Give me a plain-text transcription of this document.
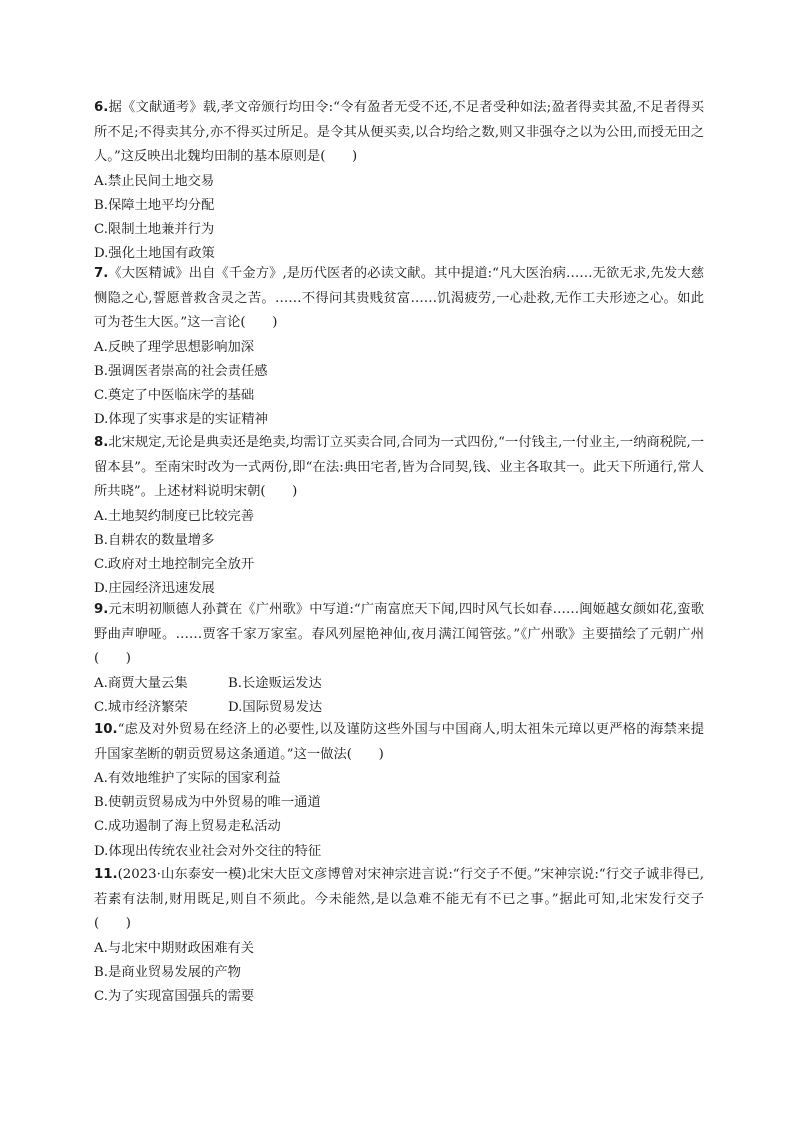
6.据《文献通考》载,孝文帝颁行均田令:“令有盈者无受不还,不足者受种如法;盈者得卖其盈,不足者得买所不足;不得卖其分,亦不得买过所足。是令其从便买卖,以合均给之数,则又非强夺之以为公田,而授无田之人。”这反映出北魏均田制的基本原则是(　　)

A.禁止民间土地交易
B.保障土地平均分配
C.限制土地兼并行为
D.强化土地国有政策

7.《大医精诚》出自《千金方》,是历代医者的必读文献。其中提道:“凡大医治病……无欲无求,先发大慈恻隐之心,誓愿普救含灵之苦。……不得问其贵贱贫富……饥渴疲劳,一心赴救,无作工夫形迹之心。如此可为苍生大医。”这一言论(　　)

A.反映了理学思想影响加深
B.强调医者崇高的社会责任感
C.奠定了中医临床学的基础
D.体现了实事求是的实证精神

8.北宋规定,无论是典卖还是绝卖,均需订立买卖合同,合同为一式四份,“一付钱主,一付业主,一纳商税院,一留本县”。至南宋时改为一式两份,即“在法:典田宅者,皆为合同契,钱、业主各取其一。此天下所通行,常人所共晓”。上述材料说明宋朝(　　)

A.土地契约制度已比较完善
B.自耕农的数量增多
C.政府对土地控制完全放开
D.庄园经济迅速发展

9.元末明初顺德人孙蕡在《广州歌》中写道:“广南富庶天下闻,四时风气长如春……闽姬越女颜如花,蛮歌野曲声咿哑。……贾客千家万家室。春风列屋艳神仙,夜月满江闻管弦。”《广州歌》主要描绘了元朝广州(　　)

A.商贾大量云集	B.长途贩运发达
C.城市经济繁荣	D.国际贸易发达

10.“虑及对外贸易在经济上的必要性,以及谨防这些外国与中国商人,明太祖朱元璋以更严格的海禁来提升国家垄断的朝贡贸易这条通道。”这一做法(　　)

A.有效地维护了实际的国家利益
B.使朝贡贸易成为中外贸易的唯一通道
C.成功遏制了海上贸易走私活动
D.体现出传统农业社会对外交往的特征

11.(2023·山东泰安一模)北宋大臣文彦博曾对宋神宗进言说:“行交子不便。”宋神宗说:“行交子诚非得已,若素有法制,财用既足,则自不须此。今未能然,是以急难不能无有不已之事。”据此可知,北宋发行交子(　　)

A.与北宋中期财政困难有关
B.是商业贸易发展的产物
C.为了实现富国强兵的需要
